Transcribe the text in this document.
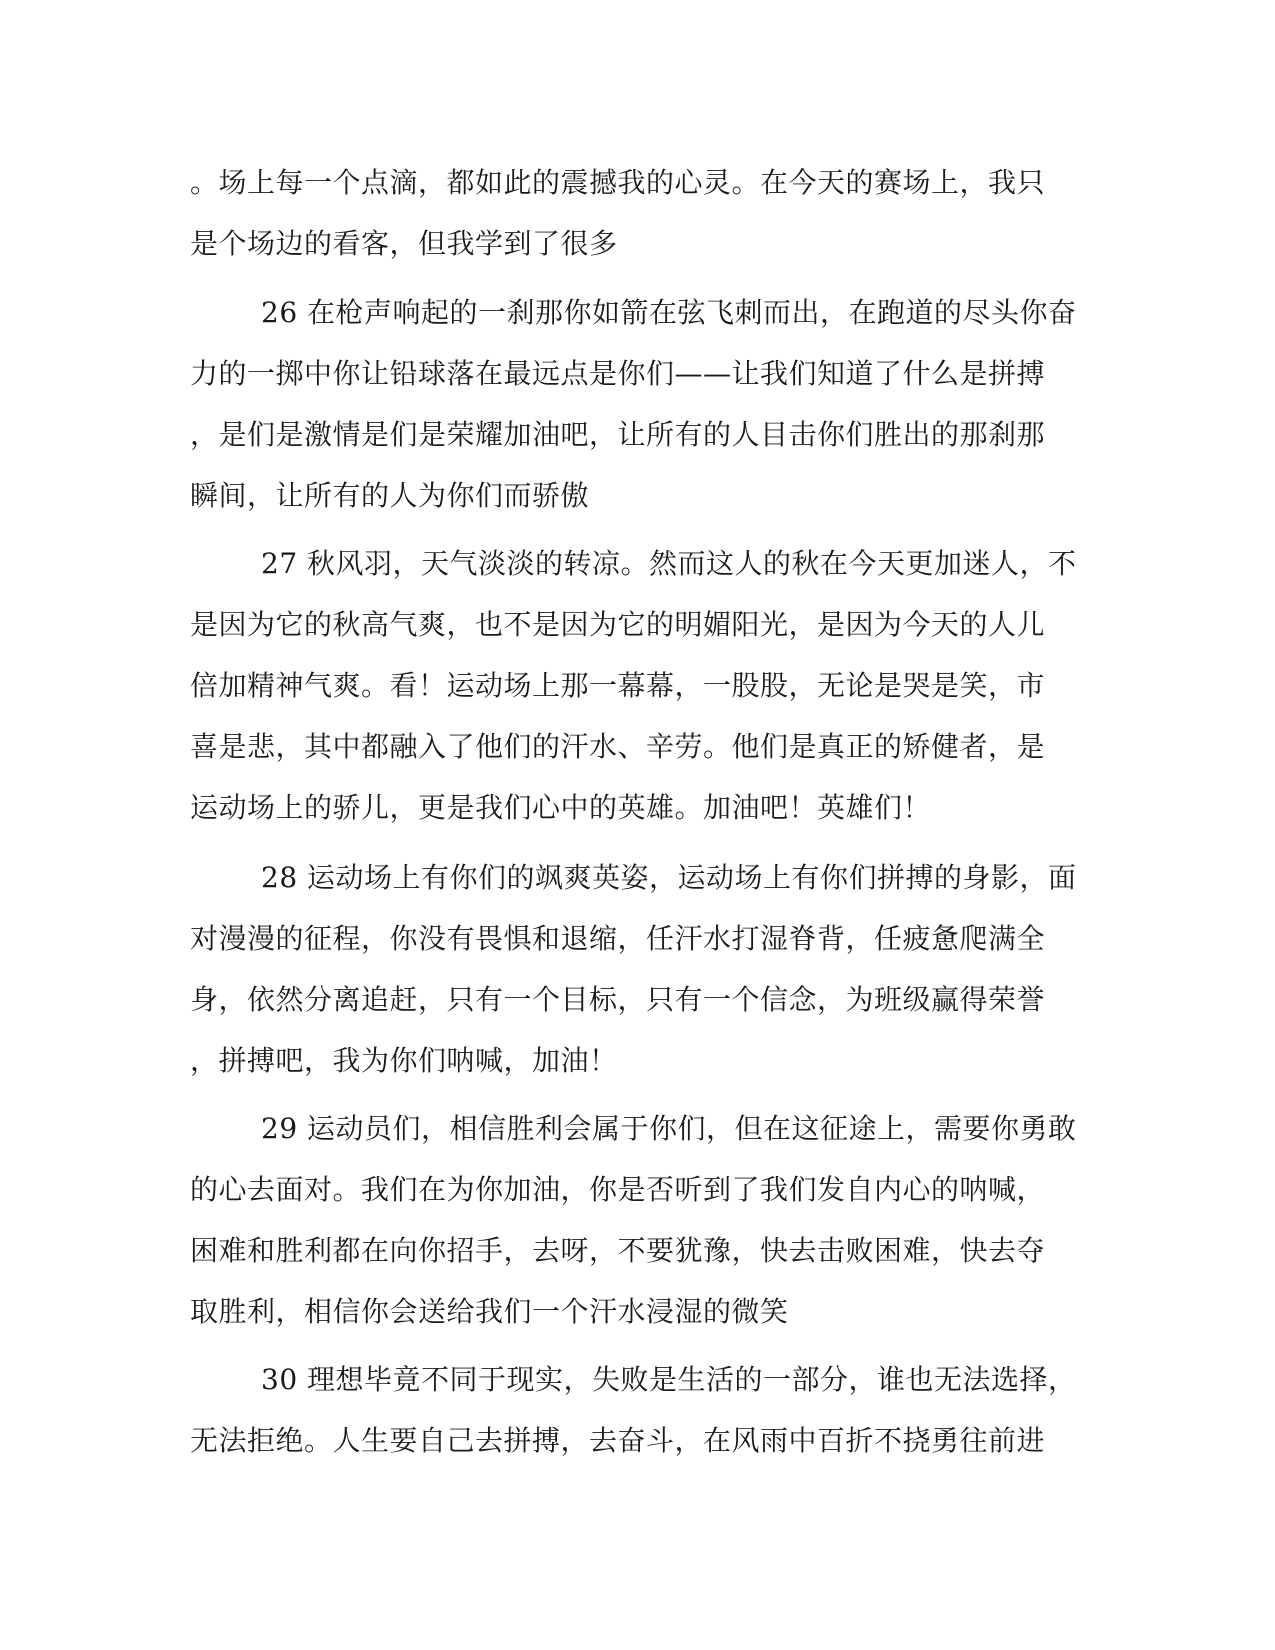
。场上每一个点滴，都如此的震撼我的心灵。在今天的赛场上，我只
是个场边的看客，但我学到了很多
26 在枪声响起的一刹那你如箭在弦飞刺而出，在跑道的尽头你奋
力的一掷中你让铅球落在最远点是你们——让我们知道了什么是拼搏
，是们是激情是们是荣耀加油吧，让所有的人目击你们胜出的那刹那
瞬间，让所有的人为你们而骄傲
27 秋风羽，天气淡淡的转凉。然而这人的秋在今天更加迷人，不
是因为它的秋高气爽，也不是因为它的明媚阳光，是因为今天的人儿
倍加精神气爽。看！运动场上那一幕幕，一股股，无论是哭是笑，市
喜是悲，其中都融入了他们的汗水、辛劳。他们是真正的矫健者，是
运动场上的骄儿，更是我们心中的英雄。加油吧！英雄们！
28 运动场上有你们的飒爽英姿，运动场上有你们拼搏的身影，面
对漫漫的征程，你没有畏惧和退缩，任汗水打湿脊背，任疲惫爬满全
身，依然分离追赶，只有一个目标，只有一个信念，为班级赢得荣誉
，拼搏吧，我为你们呐喊，加油！
29 运动员们，相信胜利会属于你们，但在这征途上，需要你勇敢
的心去面对。我们在为你加油，你是否听到了我们发自内心的呐喊，
困难和胜利都在向你招手，去呀，不要犹豫，快去击败困难，快去夺
取胜利，相信你会送给我们一个汗水浸湿的微笑
30 理想毕竟不同于现实，失败是生活的一部分，谁也无法选择，
无法拒绝。人生要自己去拼搏，去奋斗，在风雨中百折不挠勇往前进
